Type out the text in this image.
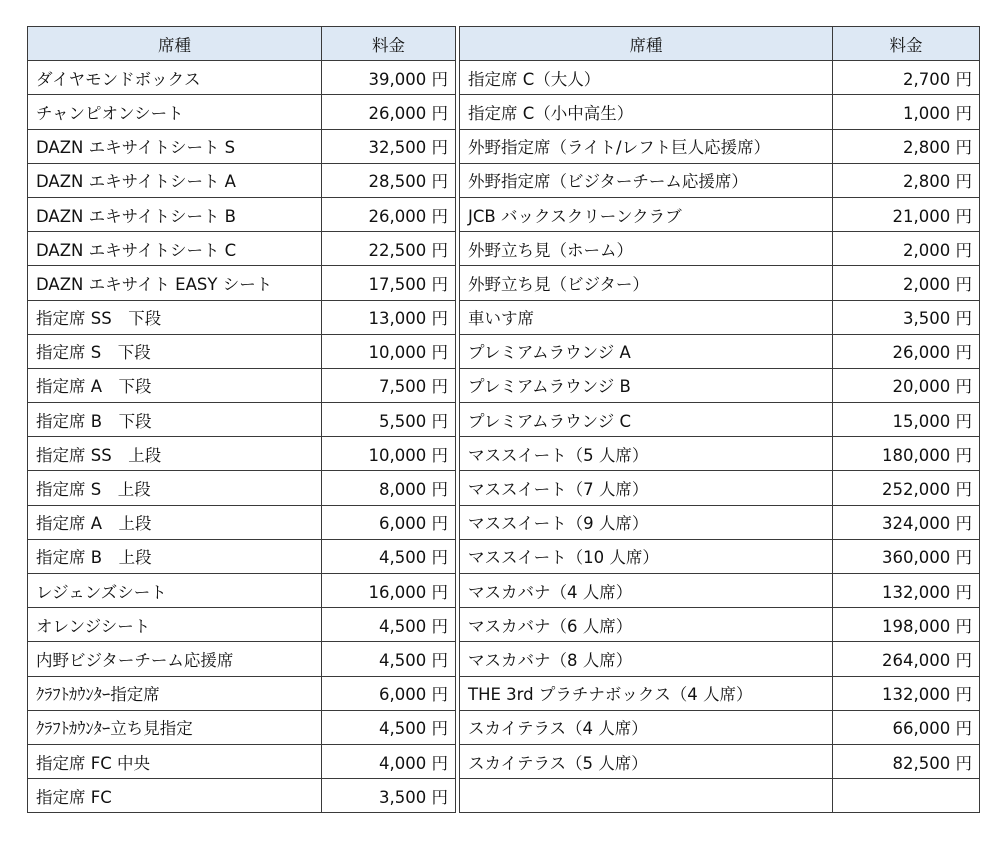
席種	料金
ダイヤモンドボックス	39,000 円
チャンピオンシート	26,000 円
DAZN エキサイトシート S	32,500 円
DAZN エキサイトシート A	28,500 円
DAZN エキサイトシート B	26,000 円
DAZN エキサイトシート C	22,500 円
DAZN エキサイト EASY シート	17,500 円
指定席 SS　下段	13,000 円
指定席 S　下段	10,000 円
指定席 A　下段	7,500 円
指定席 B　下段	5,500 円
指定席 SS　上段	10,000 円
指定席 S　上段	8,000 円
指定席 A　上段	6,000 円
指定席 B　上段	4,500 円
レジェンズシート	16,000 円
オレンジシート	4,500 円
内野ビジターチーム応援席	4,500 円
ｸﾗﾌﾄｶｳﾝﾀｰ指定席	6,000 円
ｸﾗﾌﾄｶｳﾝﾀｰ立ち見指定	4,500 円
指定席 FC 中央	4,000 円
指定席 FC	3,500 円
席種	料金
指定席 C（大人）	2,700 円
指定席 C（小中高生）	1,000 円
外野指定席（ライト/レフト巨人応援席）	2,800 円
外野指定席（ビジターチーム応援席）	2,800 円
JCB バックスクリーンクラブ	21,000 円
外野立ち見（ホーム）	2,000 円
外野立ち見（ビジター）	2,000 円
車いす席	3,500 円
プレミアムラウンジ A	26,000 円
プレミアムラウンジ B	20,000 円
プレミアムラウンジ C	15,000 円
マススイート（5 人席）	180,000 円
マススイート（7 人席）	252,000 円
マススイート（9 人席）	324,000 円
マススイート（10 人席）	360,000 円
マスカバナ（4 人席）	132,000 円
マスカバナ（6 人席）	198,000 円
マスカバナ（8 人席）	264,000 円
THE 3rd プラチナボックス（4 人席）	132,000 円
スカイテラス（4 人席）	66,000 円
スカイテラス（5 人席）	82,500 円
